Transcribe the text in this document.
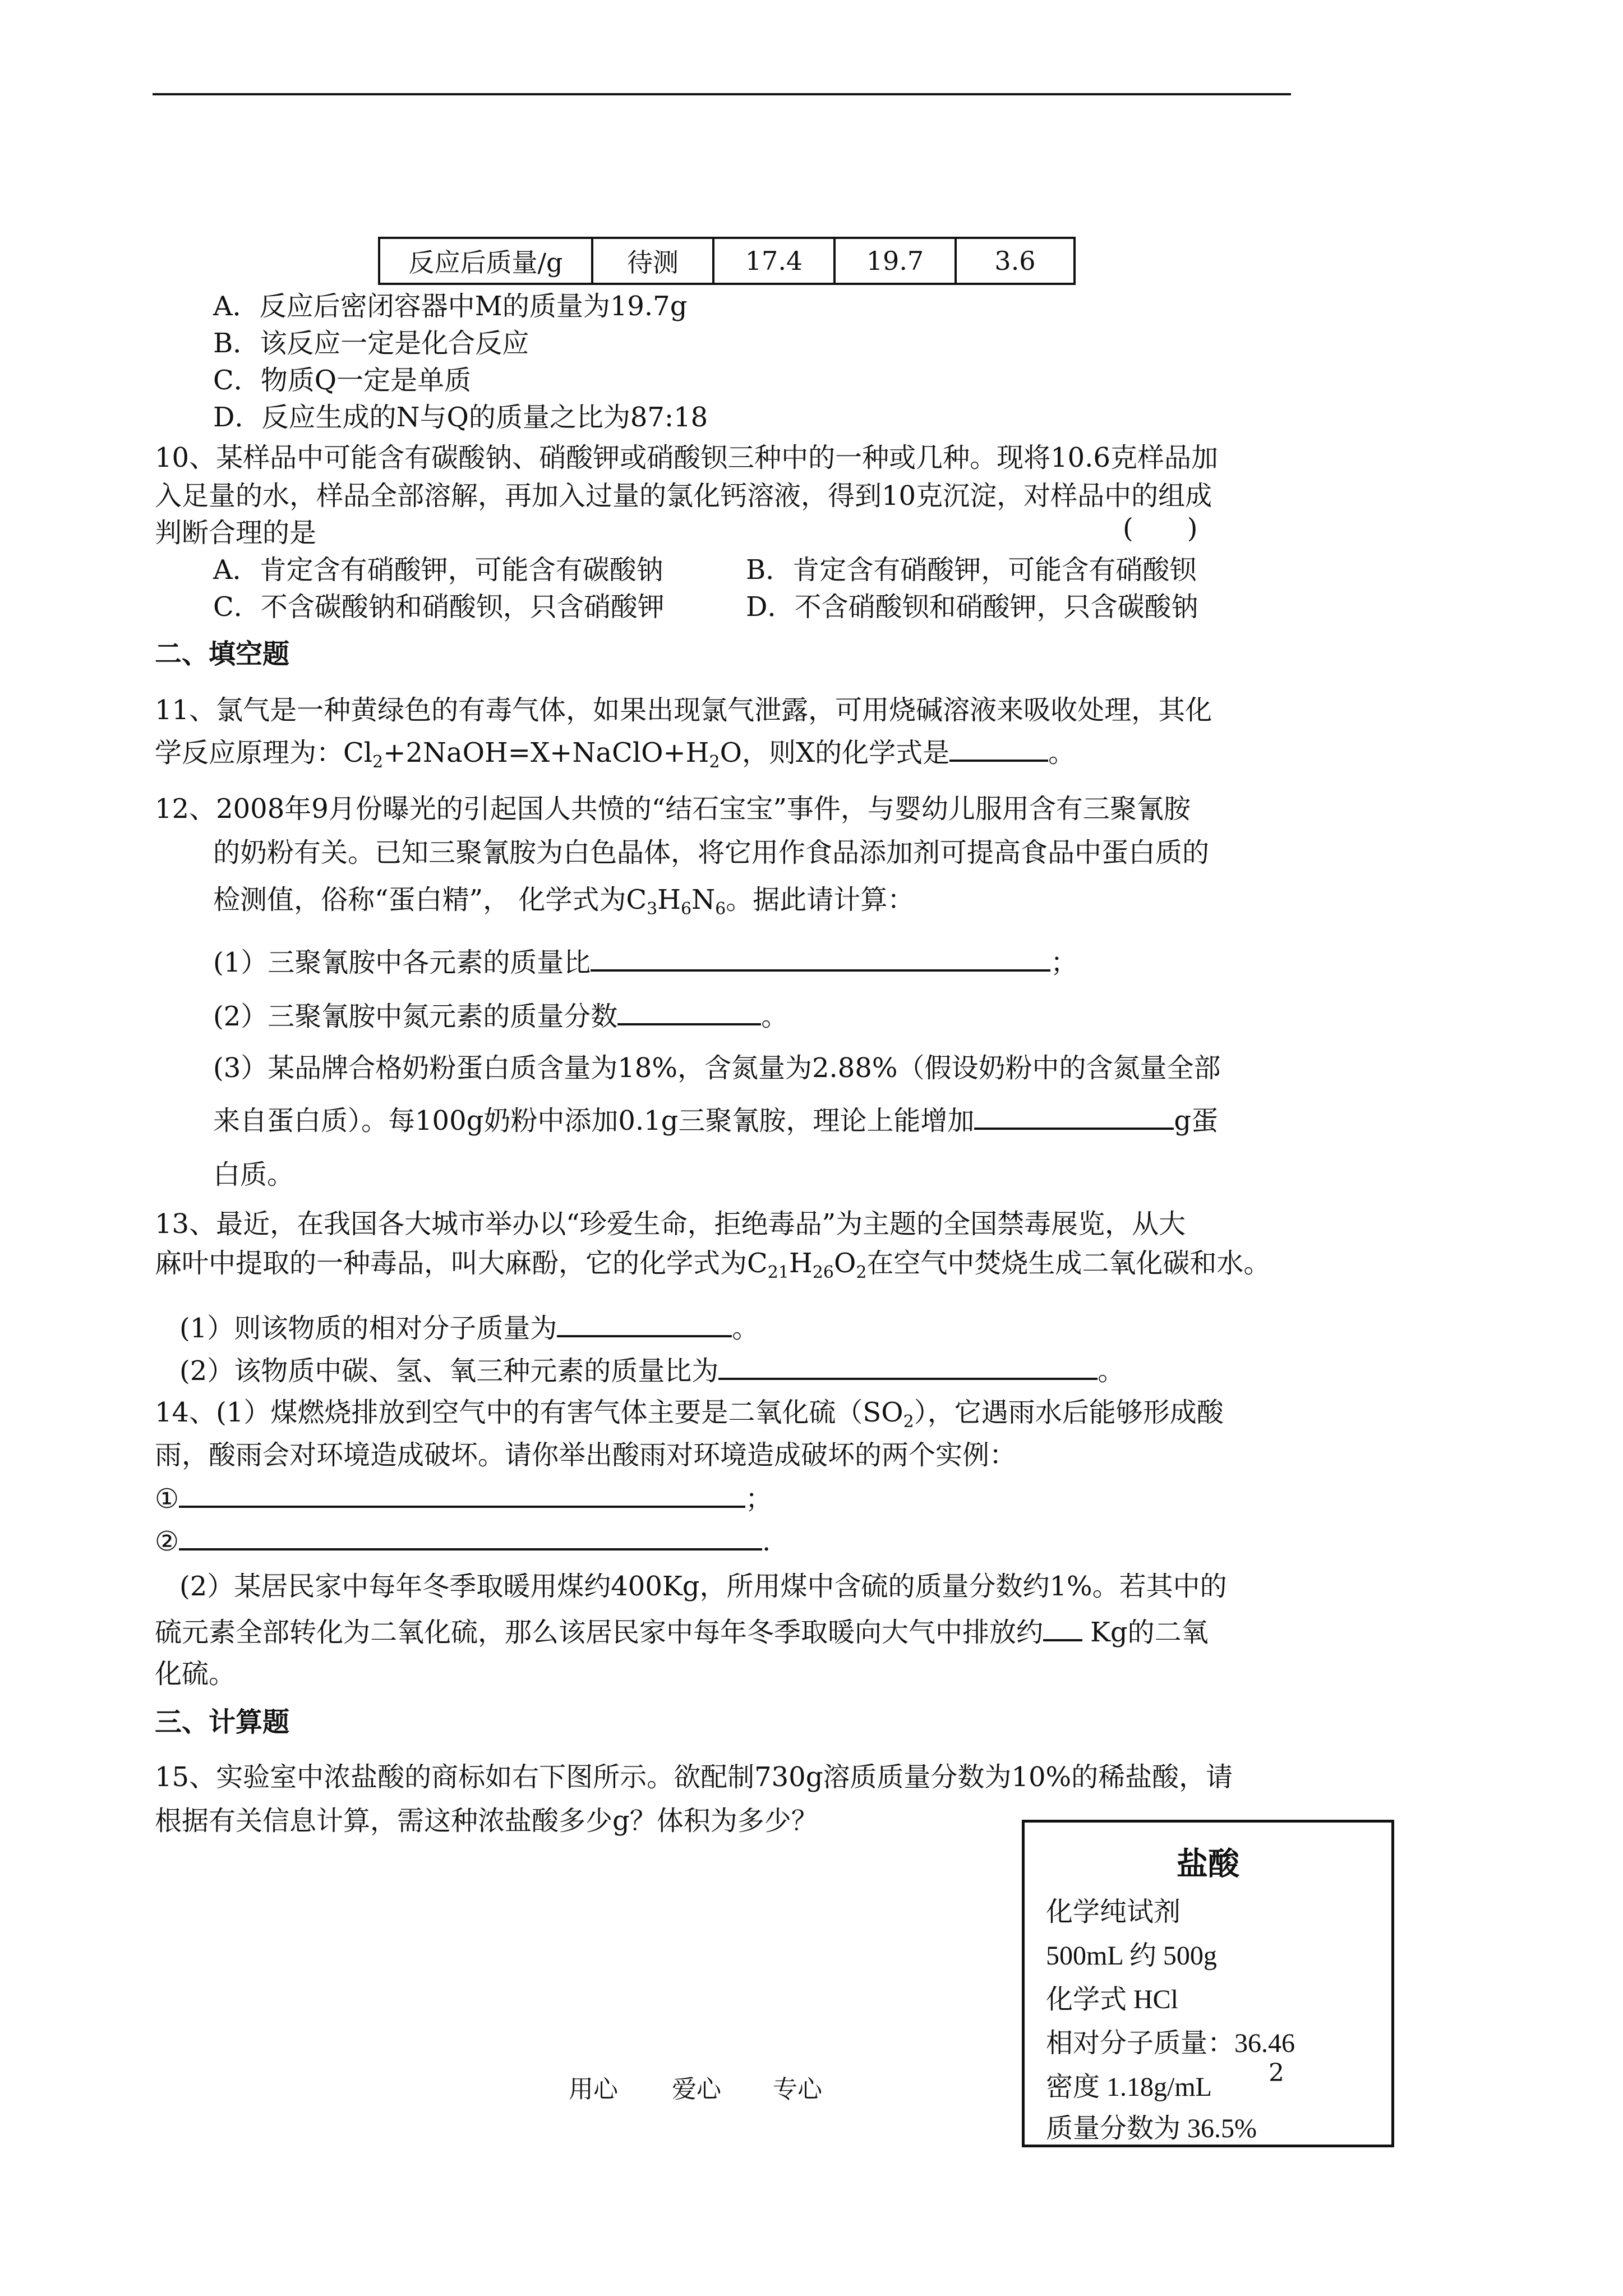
反应后质量/g	待测	17.4	19.7	3.6
A．反应后密闭容器中M的质量为19.7g
B．该反应一定是化合反应
C．物质Q一定是单质
D．反应生成的N与Q的质量之比为87:18
10、某样品中可能含有碳酸钠、硝酸钾或硝酸钡三种中的一种或几种。现将10.6克样品加
入足量的水，样品全部溶解，再加入过量的氯化钙溶液，得到10克沉淀，对样品中的组成
判断合理的是	(　　)
A．肯定含有硝酸钾，可能含有碳酸钠	B．肯定含有硝酸钾，可能含有硝酸钡
C．不含碳酸钠和硝酸钡，只含硝酸钾	D．不含硝酸钡和硝酸钾，只含碳酸钠
二、填空题
11、氯气是一种黄绿色的有毒气体，如果出现氯气泄露，可用烧碱溶液来吸收处理，其化
学反应原理为：$Cl_2+2NaOH=X+NaClO+H_2O$，则X的化学式是	。
12、2008年9月份曝光的引起国人共愤的“结石宝宝”事件，与婴幼儿服用含有三聚氰胺
的奶粉有关。已知三聚氰胺为白色晶体，将它用作食品添加剂可提高食品中蛋白质的
检测值，俗称“蛋白精”， 化学式为$C_3H_6N_6$。据此请计算：
(1）三聚氰胺中各元素的质量比	；
(2）三聚氰胺中氮元素的质量分数	。
(3）某品牌合格奶粉蛋白质含量为18%，含氮量为2.88%（假设奶粉中的含氮量全部
来自蛋白质）。每100g奶粉中添加0.1g三聚氰胺，理论上能增加	g蛋
白质。
13、最近，在我国各大城市举办以“珍爱生命，拒绝毒品”为主题的全国禁毒展览，从大
麻叶中提取的一种毒品，叫大麻酚，它的化学式为$C_{21}H_{26}O_2$在空气中焚烧生成二氧化碳和水。
(1）则该物质的相对分子质量为	。
(2）该物质中碳、氢、氧三种元素的质量比为	。
14、(1）煤燃烧排放到空气中的有害气体主要是二氧化硫$(SO_2)$，它遇雨水后能够形成酸
雨，酸雨会对环境造成破坏。请你举出酸雨对环境造成破坏的两个实例：
①	；
②	.
(2）某居民家中每年冬季取暖用煤约400Kg，所用煤中含硫的质量分数约1%。若其中的
硫元素全部转化为二氧化硫，那么该居民家中每年冬季取暖向大气中排放约 Kg的二氧
化硫。
三、计算题
15、实验室中浓盐酸的商标如右下图所示。欲配制730g溶质质量分数为10%的稀盐酸，请
根据有关信息计算，需这种浓盐酸多少g？体积为多少？
盐酸
化学纯试剂
500mL 约 500g
化学式 HCl
相对分子质量：36.46
密度 1.18g/mL
质量分数为 36.5%
用心 爱心 专心
2
